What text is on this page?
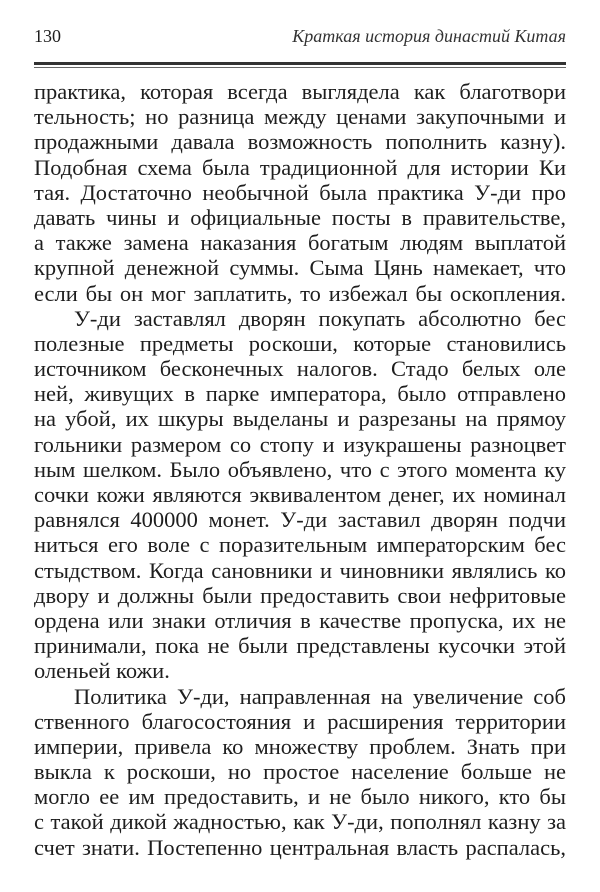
130	Краткая история династий Китая
практика, которая всегда выглядела как благотвори
тельность; но разница между ценами закупочными и
продажными давала возможность пополнить казну).
Подобная схема была традиционной для истории Ки
тая. Достаточно необычной была практика У-ди про
давать чины и официальные посты в правительстве,
а также замена наказания богатым людям выплатой
крупной денежной суммы. Сыма Цянь намекает, что
если бы он мог заплатить, то избежал бы оскопления.
У-ди заставлял дворян покупать абсолютно бес
полезные предметы роскоши, которые становились
источником бесконечных налогов. Стадо белых оле
ней, живущих в парке императора, было отправлено
на убой, их шкуры выделаны и разрезаны на прямоу
гольники размером со стопу и изукрашены разноцвет
ным шелком. Было объявлено, что с этого момента ку
сочки кожи являются эквивалентом денег, их номинал
равнялся 400000 монет. У-ди заставил дворян подчи
ниться его воле с поразительным императорским бес
стыдством. Когда сановники и чиновники являлись ко
двору и должны были предоставить свои нефритовые
ордена или знаки отличия в качестве пропуска, их не
принимали, пока не были представлены кусочки этой
оленьей кожи.
Политика У-ди, направленная на увеличение соб
ственного благосостояния и расширения территории
империи, привела ко множеству проблем. Знать при
выкла к роскоши, но простое население больше не
могло ее им предоставить, и не было никого, кто бы
с такой дикой жадностью, как У-ди, пополнял казну за
счет знати. Постепенно центральная власть распалась,
